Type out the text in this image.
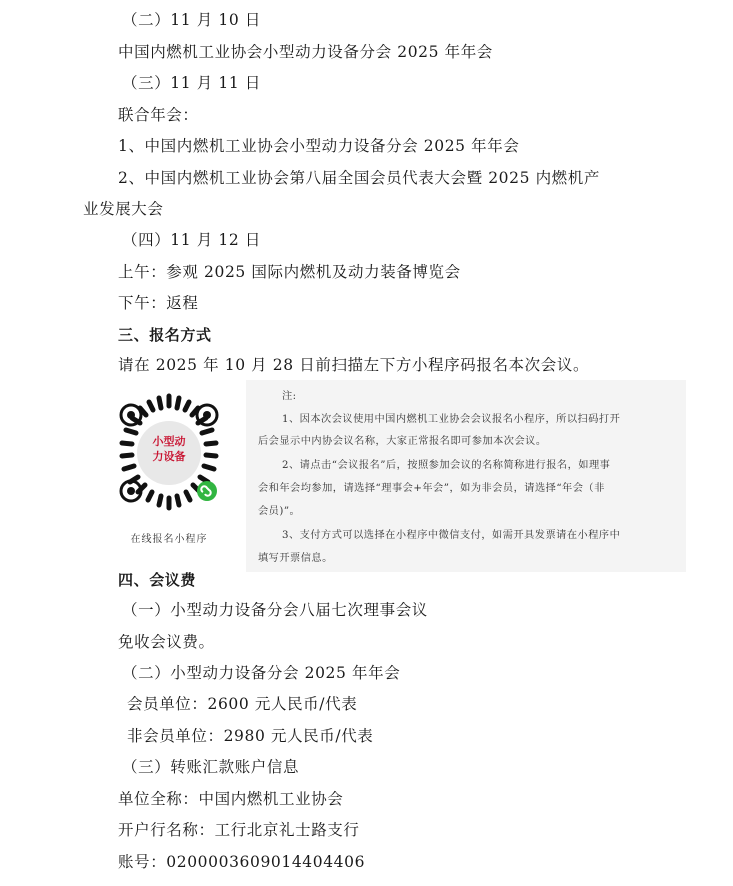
（二）11 月 10 日
中国内燃机工业协会小型动力设备分会 2025 年年会
（三）11 月 11 日
联合年会：
1、中国内燃机工业协会小型动力设备分会 2025 年年会
2、中国内燃机工业协会第八届全国会员代表大会暨 2025 内燃机产
业发展大会
（四）11 月 12 日
上午：参观 2025 国际内燃机及动力装备博览会
下午：返程
三、报名方式
请在 2025 年 10 月 28 日前扫描左下方小程序码报名本次会议。
小型动
力设备
在线报名小程序
注:
1、因本次会议使用中国内燃机工业协会会议报名小程序，所以扫码打开
后会显示中内协会议名称，大家正常报名即可参加本次会议。
2、请点击“会议报名”后，按照参加会议的名称简称进行报名，如理事
会和年会均参加，请选择“理事会+年会”，如为非会员，请选择“年会（非
会员)”。
3、支付方式可以选择在小程序中微信支付，如需开具发票请在小程序中
填写开票信息。
四、会议费
（一）小型动力设备分会八届七次理事会议
免收会议费。
（二）小型动力设备分会 2025 年年会
会员单位：2600 元人民币/代表
非会员单位：2980 元人民币/代表
（三）转账汇款账户信息
单位全称：中国内燃机工业协会
开户行名称：工行北京礼士路支行
账号：0200003609014404406
